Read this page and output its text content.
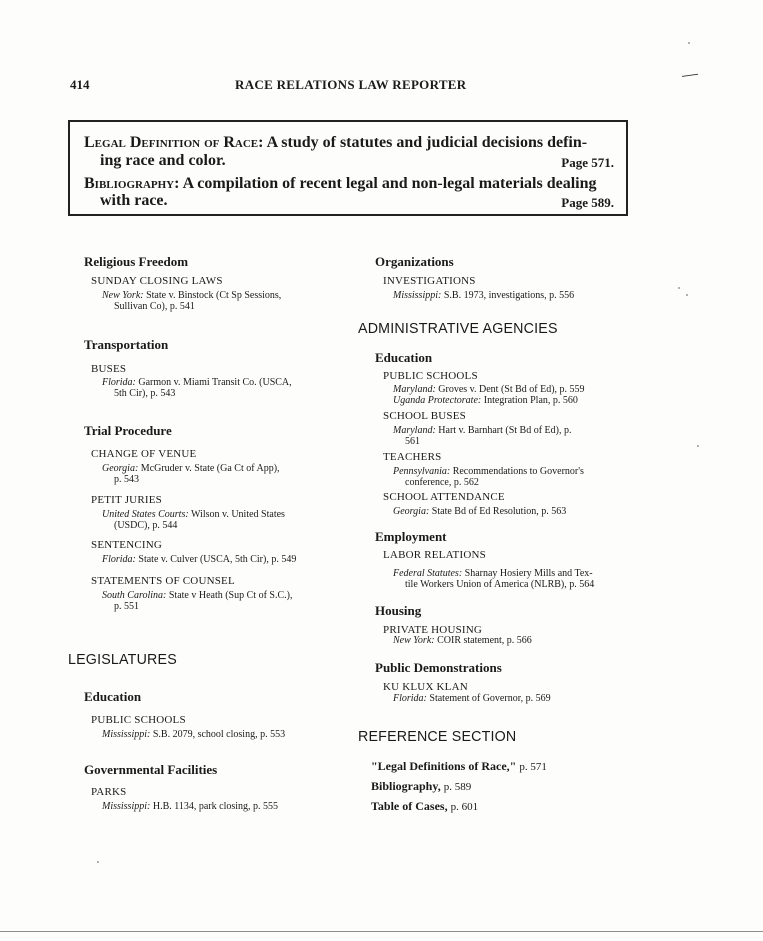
414	RACE RELATIONS LAW REPORTER
—
Legal Definition of Race: A study of statutes and judicial decisions defin-
ing race and color.	Page 571.
Bibliography: A compilation of recent legal and non-legal materials dealing
with race.	Page 589.
Religious Freedom
SUNDAY CLOSING LAWS
New York: State v. Binstock (Ct Sp Sessions,
Sullivan Co), p. 541
Transportation
BUSES
Florida: Garmon v. Miami Transit Co. (USCA,
5th Cir), p. 543
Trial Procedure
CHANGE OF VENUE
Georgia: McGruder v. State (Ga Ct of App),
p. 543
PETIT JURIES
United States Courts: Wilson v. United States
(USDC), p. 544
SENTENCING
Florida: State v. Culver (USCA, 5th Cir), p. 549
STATEMENTS OF COUNSEL
South Carolina: State v Heath (Sup Ct of S.C.),
p. 551
LEGISLATURES
Education
PUBLIC SCHOOLS
Mississippi: S.B. 2079, school closing, p. 553
Governmental Facilities
PARKS
Mississippi: H.B. 1134, park closing, p. 555
Organizations
INVESTIGATIONS
Mississippi: S.B. 1973, investigations, p. 556
ADMINISTRATIVE AGENCIES
Education
PUBLIC SCHOOLS
Maryland: Groves v. Dent (St Bd of Ed), p. 559
Uganda Protectorate: Integration Plan, p. 560
SCHOOL BUSES
Maryland: Hart v. Barnhart (St Bd of Ed), p.
561
TEACHERS
Pennsylvania: Recommendations to Governor's
conference, p. 562
SCHOOL ATTENDANCE
Georgia: State Bd of Ed Resolution, p. 563
Employment
LABOR RELATIONS
Federal Statutes: Sharnay Hosiery Mills and Tex-
tile Workers Union of America (NLRB), p. 564
Housing
PRIVATE HOUSING
New York: COIR statement, p. 566
Public Demonstrations
KU KLUX KLAN
Florida: Statement of Governor, p. 569
REFERENCE SECTION
"Legal Definitions of Race," p. 571
Bibliography, p. 589
Table of Cases, p. 601
